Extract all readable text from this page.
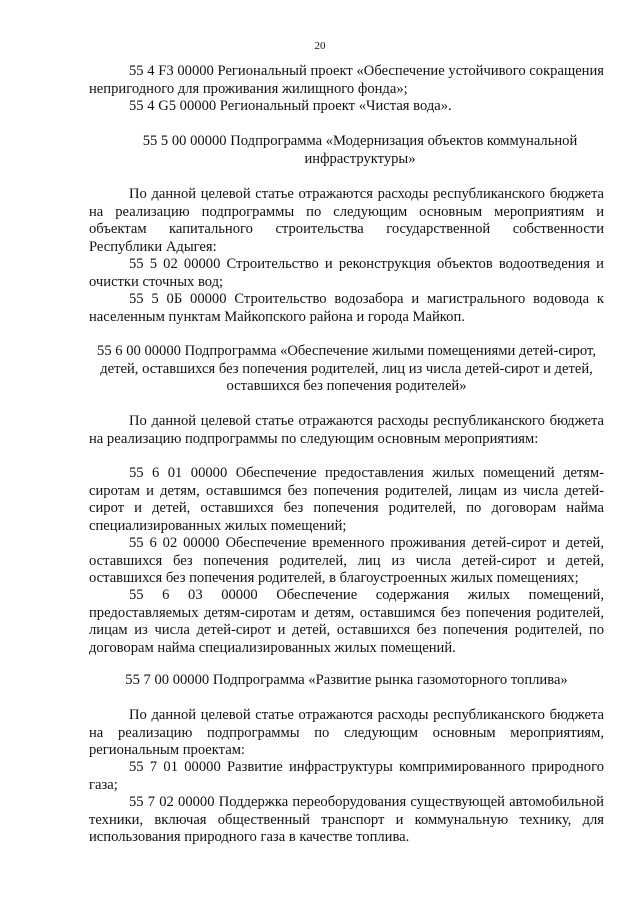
20

55 4 F3 00000 Региональный проект «Обеспечение устойчивого сокращения непригодного для проживания жилищного фонда»;

55 4 G5 00000 Региональный проект «Чистая вода».

55 5 00 00000 Подпрограмма «Модернизация объектов коммунальной инфраструктуры»

По данной целевой статье отражаются расходы республиканского бюджета на реализацию подпрограммы по следующим основным мероприятиям и объектам капитального строительства государственной собственности Республики Адыгея:

55 5 02 00000 Строительство и реконструкция объектов водоотведения и очистки сточных вод;

55 5 0Б 00000 Строительство водозабора и магистрального водовода к населенным пунктам Майкопского района и города Майкоп.

55 6 00 00000 Подпрограмма «Обеспечение жилыми помещениями детей-сирот, детей, оставшихся без попечения родителей, лиц из числа детей-сирот и детей, оставшихся без попечения родителей»

По данной целевой статье отражаются расходы республиканского бюджета на реализацию подпрограммы по следующим основным мероприятиям:

55 6 01 00000 Обеспечение предоставления жилых помещений детям-сиротам и детям, оставшимся без попечения родителей, лицам из числа детей-сирот и детей, оставшихся без попечения родителей, по договорам найма специализированных жилых помещений;

55 6 02 00000 Обеспечение временного проживания детей-сирот и детей, оставшихся без попечения родителей, лиц из числа детей-сирот и детей, оставшихся без попечения родителей, в благоустроенных жилых помещениях;

55 6 03 00000 Обеспечение содержания жилых помещений, предоставляемых детям-сиротам и детям, оставшимся без попечения родителей, лицам из числа детей-сирот и детей, оставшихся без попечения родителей, по договорам найма специализированных жилых помещений.

55 7 00 00000 Подпрограмма «Развитие рынка газомоторного топлива»

По данной целевой статье отражаются расходы республиканского бюджета на реализацию подпрограммы по следующим основным мероприятиям, региональным проектам:

55 7 01 00000 Развитие инфраструктуры компримированного природного газа;

55 7 02 00000 Поддержка переоборудования существующей автомобильной техники, включая общественный транспорт и коммунальную технику, для использования природного газа в качестве топлива.
